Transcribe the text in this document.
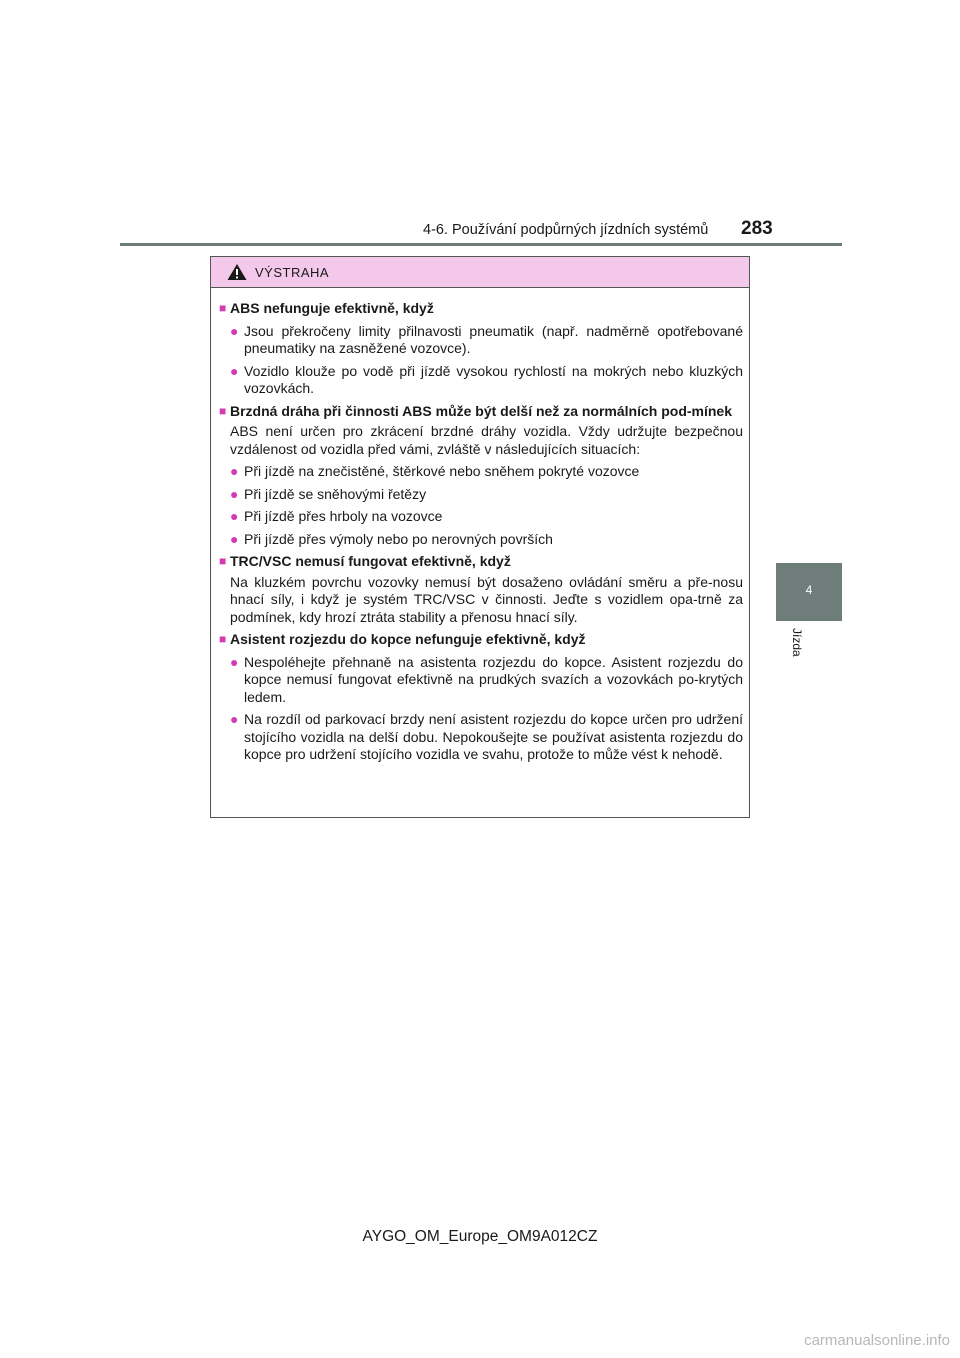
4-6. Používání podpůrných jízdních systémů 283
4
Jízda
VÝSTRAHA
■ ABS nefunguje efektivně, když
● Jsou překročeny limity přilnavosti pneumatik (např. nadměrně opotřebované pneumatiky na zasněžené vozovce).
● Vozidlo klouže po vodě při jízdě vysokou rychlostí na mokrých nebo kluzkých vozovkách.
■ Brzdná dráha při činnosti ABS může být delší než za normálních pod-mínek
ABS není určen pro zkrácení brzdné dráhy vozidla. Vždy udržujte bezpečnou vzdálenost od vozidla před vámi, zvláště v následujících situacích:
● Při jízdě na znečistěné, štěrkové nebo sněhem pokryté vozovce
● Při jízdě se sněhovými řetězy
● Při jízdě přes hrboly na vozovce
● Při jízdě přes výmoly nebo po nerovných površích
■ TRC/VSC nemusí fungovat efektivně, když
Na kluzkém povrchu vozovky nemusí být dosaženo ovládání směru a pře-nosu hnací síly, i když je systém TRC/VSC v činnosti. Jeďte s vozidlem opa-trně za podmínek, kdy hrozí ztráta stability a přenosu hnací síly.
■ Asistent rozjezdu do kopce nefunguje efektivně, když
● Nespoléhejte přehnaně na asistenta rozjezdu do kopce. Asistent rozjezdu do kopce nemusí fungovat efektivně na prudkých svazích a vozovkách po-krytých ledem.
● Na rozdíl od parkovací brzdy není asistent rozjezdu do kopce určen pro udržení stojícího vozidla na delší dobu. Nepokoušejte se používat asistenta rozjezdu do kopce pro udržení stojícího vozidla ve svahu, protože to může vést k nehodě.
AYGO_OM_Europe_OM9A012CZ
carmanualsonline.info
